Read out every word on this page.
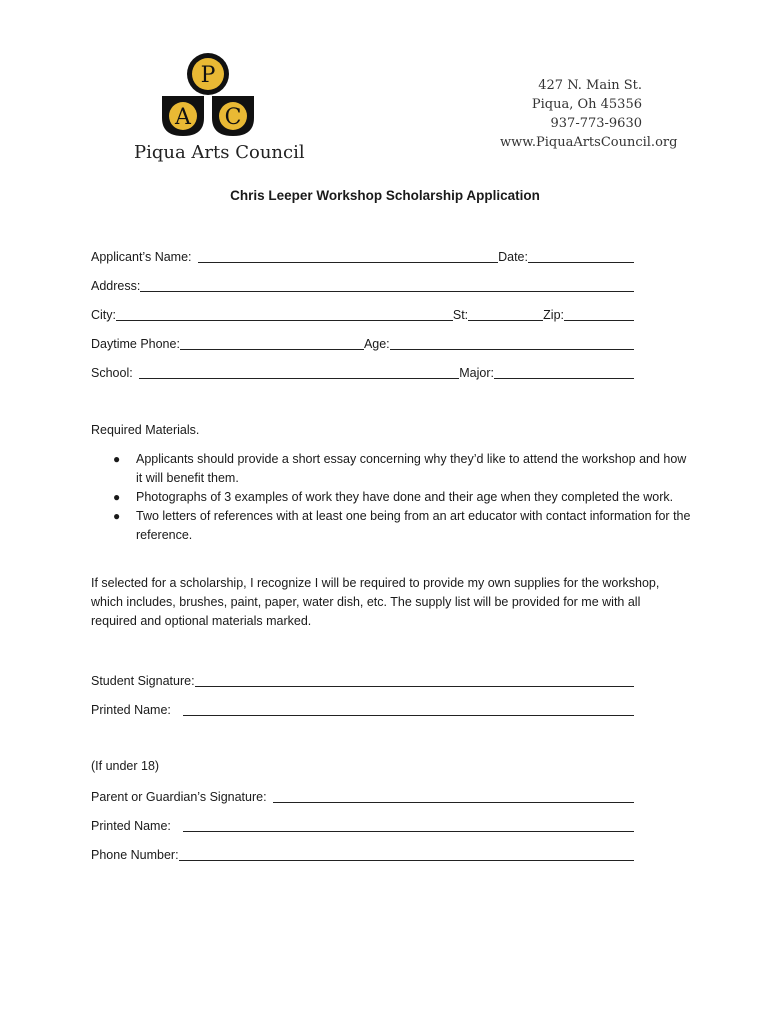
P
A C
Piqua Arts Council
427 N. Main St.
Piqua, Oh 45356
937-773-9630
www.PiquaArtsCouncil.org
Chris Leeper Workshop Scholarship Application
Applicant’s Name:	Date:
Address:
City:	St:	Zip:
Daytime Phone:	Age:
School:	Major:
Required Materials.
● Applicants should provide a short essay concerning why they’d like to attend the workshop and how it will benefit them.
● Photographs of 3 examples of work they have done and their age when they completed the work.
● Two letters of references with at least one being from an art educator with contact information for the reference.
If selected for a scholarship, I recognize I will be required to provide my own supplies for the workshop, which includes, brushes, paint, paper, water dish, etc. The supply list will be provided for me with all required and optional materials marked.
Student Signature:
Printed Name:
(If under 18)
Parent or Guardian’s Signature:
Printed Name:
Phone Number:
